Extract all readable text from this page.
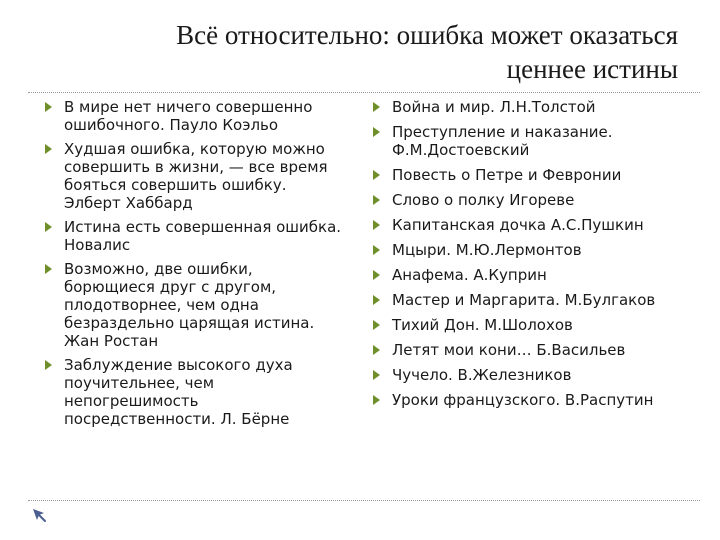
Всё относительно: ошибка может оказаться
ценнее истины
В мире нет ничего совершенно ошибочного. Пауло Коэльо
Худшая ошибка, которую можно совершить в жизни, — все время бояться совершить ошибку. Элберт Хаббард
Истина есть совершенная ошибка. Новалис
Возможно, две ошибки, борющиеся друг с другом, плодотворнее, чем одна безраздельно царящая истина. Жан Ростан
Заблуждение высокого духа поучительнее, чем непогрешимость посредственности. Л. Бёрне
Война и мир. Л.Н.Толстой
Преступление и наказание. Ф.М.Достоевский
Повесть о Петре и Февронии
Слово о полку Игореве
Капитанская дочка А.С.Пушкин
Мцыри. М.Ю.Лермонтов
Анафема. А.Куприн
Мастер и Маргарита. М.Булгаков
Тихий Дон. М.Шолохов
Летят мои кони… Б.Васильев
Чучело. В.Железников
Уроки французского. В.Распутин
